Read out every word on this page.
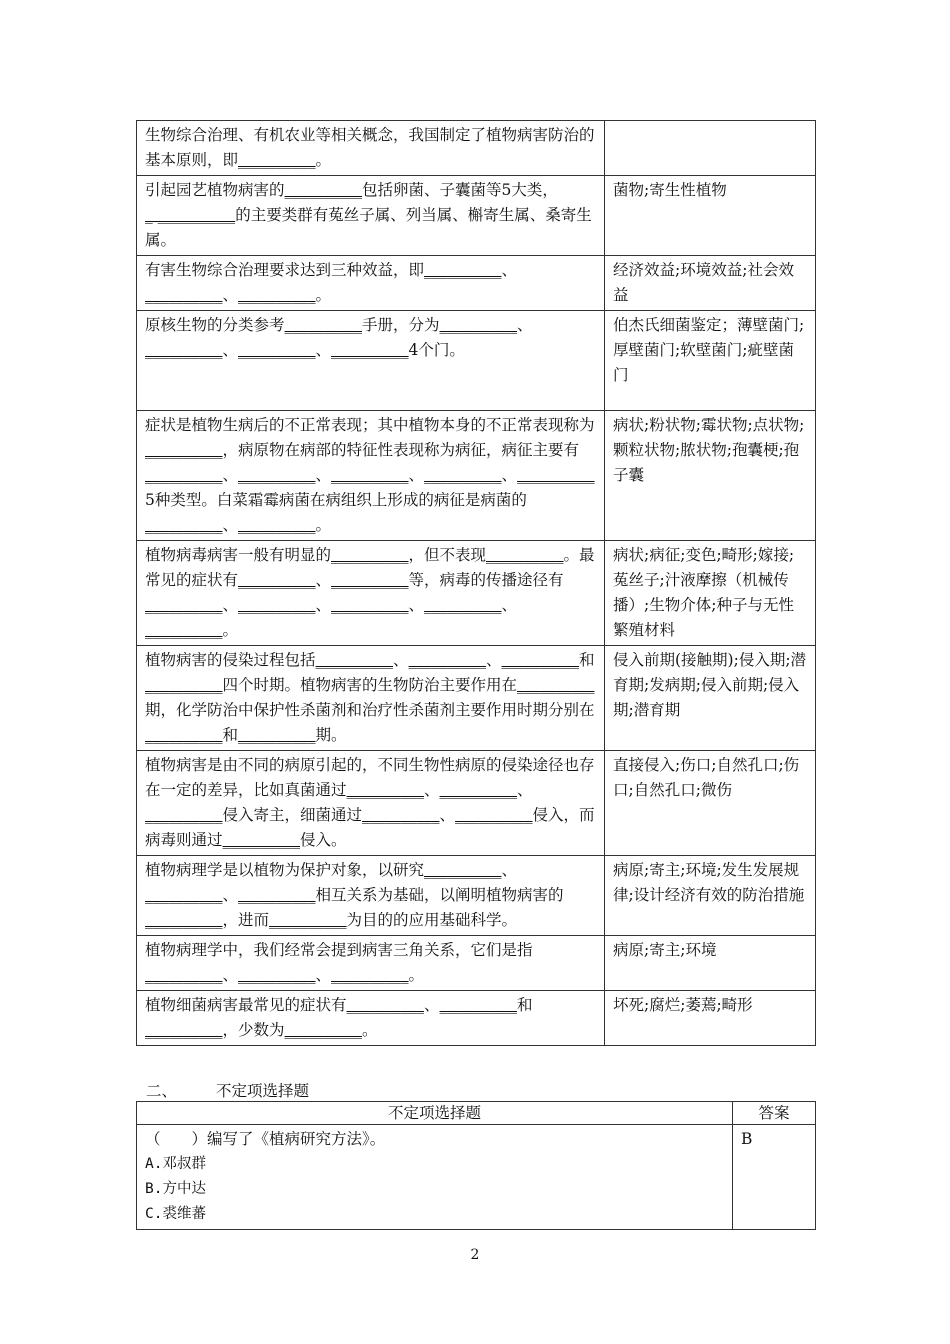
生物综合治理、有机农业等相关概念，我国制定了植物病害防治的基本原则，即__________。	
引起园艺植物病害的__________包括卵菌、子囊菌等5大类，_ __________的主要类群有菟丝子属、列当属、槲寄生属、桑寄生属。	菌物;寄生性植物
有害生物综合治理要求达到三种效益，即__________、__________、__________。	经济效益;环境效益;社会效益
原核生物的分类参考__________手册，分为__________、__________、__________、__________4个门。	伯杰氏细菌鉴定；薄壁菌门;厚壁菌门;软壁菌门;疵壁菌门
症状是植物生病后的不正常表现；其中植物本身的不正常表现称为__________，病原物在病部的特征性表现称为病征，病征主要有__________、__________、__________、__________、__________5种类型。白菜霜霉病菌在病组织上形成的病征是病菌的__________、__________。	病状;粉状物;霉状物;点状物;颗粒状物;脓状物;孢囊梗;孢子囊
植物病毒病害一般有明显的__________，但不表现__________。最常见的症状有__________、__________等，病毒的传播途径有__________、__________、__________、__________、__________。	病状;病征;变色;畸形;嫁接;菟丝子;汁液摩擦（机械传播）;生物介体;种子与无性繁殖材料
植物病害的侵染过程包括__________、__________、__________和__________四个时期。植物病害的生物防治主要作用在__________期，化学防治中保护性杀菌剂和治疗性杀菌剂主要作用时期分别在__________和__________期。	侵入前期(接触期);侵入期;潜育期;发病期;侵入前期;侵入期;潜育期
植物病害是由不同的病原引起的，不同生物性病原的侵染途径也存在一定的差异，比如真菌通过__________、__________、__________侵入寄主，细菌通过__________、__________侵入，而病毒则通过__________侵入。	直接侵入;伤口;自然孔口;伤口;自然孔口;微伤
植物病理学是以植物为保护对象，以研究__________、__________、__________相互关系为基础，以阐明植物病害的__________，进而__________为目的的应用基础科学。	病原;寄主;环境;发生发展规律;设计经济有效的防治措施
植物病理学中，我们经常会提到病害三角关系，它们是指__________、__________、__________。	病原;寄主;环境
植物细菌病害最常见的症状有__________、__________和__________，少数为__________。	坏死;腐烂;萎蔫;畸形
二、	不定项选择题
不定项选择题	答案
（　　）编写了《植病研究方法》。
A.邓叔群
B.方中达
C.裘维蕃	B
2
